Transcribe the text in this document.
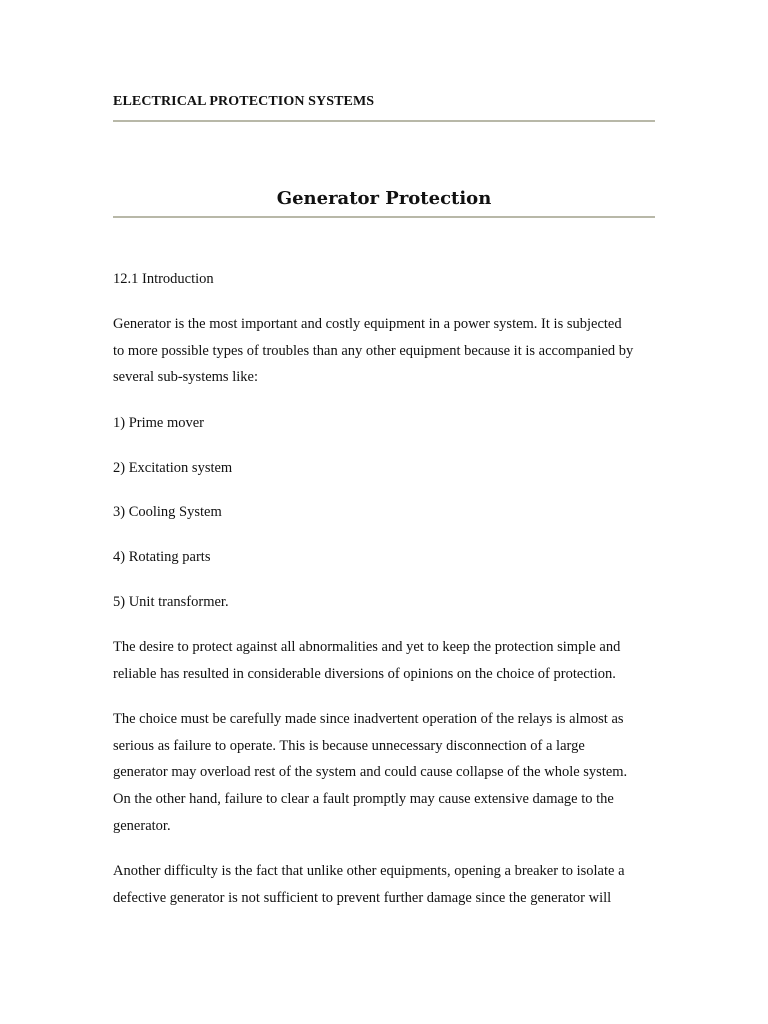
ELECTRICAL PROTECTION SYSTEMS
Generator Protection
12.1 Introduction
Generator is the most important and costly equipment in a power system. It is subjected
to more possible types of troubles than any other equipment because it is accompanied by
several sub-systems like:
1) Prime mover
2) Excitation system
3) Cooling System
4) Rotating parts
5) Unit transformer.
The desire to protect against all abnormalities and yet to keep the protection simple and
reliable has resulted in considerable diversions of opinions on the choice of protection.
The choice must be carefully made since inadvertent operation of the relays is almost as
serious as failure to operate. This is because unnecessary disconnection of a large
generator may overload rest of the system and could cause collapse of the whole system.
On the other hand, failure to clear a fault promptly may cause extensive damage to the
generator.
Another difficulty is the fact that unlike other equipments, opening a breaker to isolate a
defective generator is not sufficient to prevent further damage since the generator will
